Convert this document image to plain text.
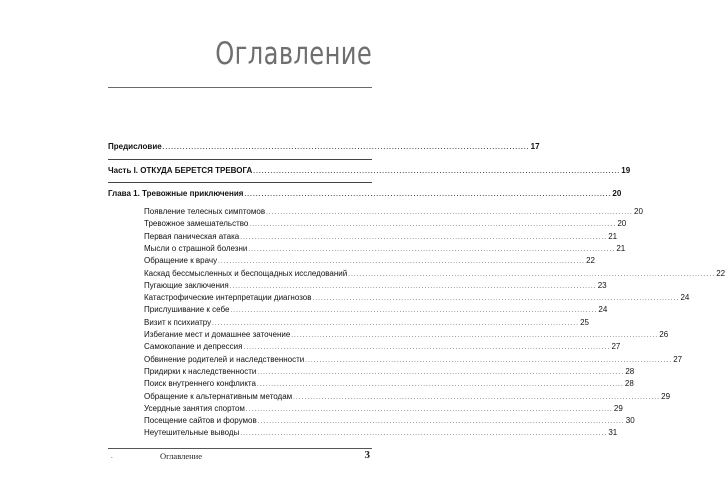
Оглавление
Предисловие ................................................................................................................................ 17
Часть I. ОТКУДА БЕРЕТСЯ ТРЕВОГА ................................................................................................................................ 19
Глава 1. Тревожные приключения ................................................................................................................................ 20
Появление телесных симптомов ................................................................................................................................ 20
Тревожное замешательство ................................................................................................................................ 20
Первая паническая атака ................................................................................................................................ 21
Мысли о страшной болезни ................................................................................................................................ 21
Обращение к врачу ................................................................................................................................ 22
Каскад бессмысленных и беспощадных исследований ................................................................................................................................ 22
Пугающие заключения ................................................................................................................................ 23
Катастрофические интерпретации диагнозов ................................................................................................................................ 24
Прислушивание к себе ................................................................................................................................ 24
Визит к психиатру ................................................................................................................................ 25
Избегание мест и домашнее заточение ................................................................................................................................ 26
Самокопание и депрессия ................................................................................................................................ 27
Обвинение родителей и наследственности ................................................................................................................................ 27
Придирки к наследственности ................................................................................................................................ 28
Поиск внутреннего конфликта ................................................................................................................................ 28
Обращение к альтернативным методам ................................................................................................................................ 29
Усердные занятия спортом ................................................................................................................................ 29
Посещение сайтов и форумов ................................................................................................................................ 30
Неутешительные выводы ................................................................................................................................ 31
.	Оглавление	3
